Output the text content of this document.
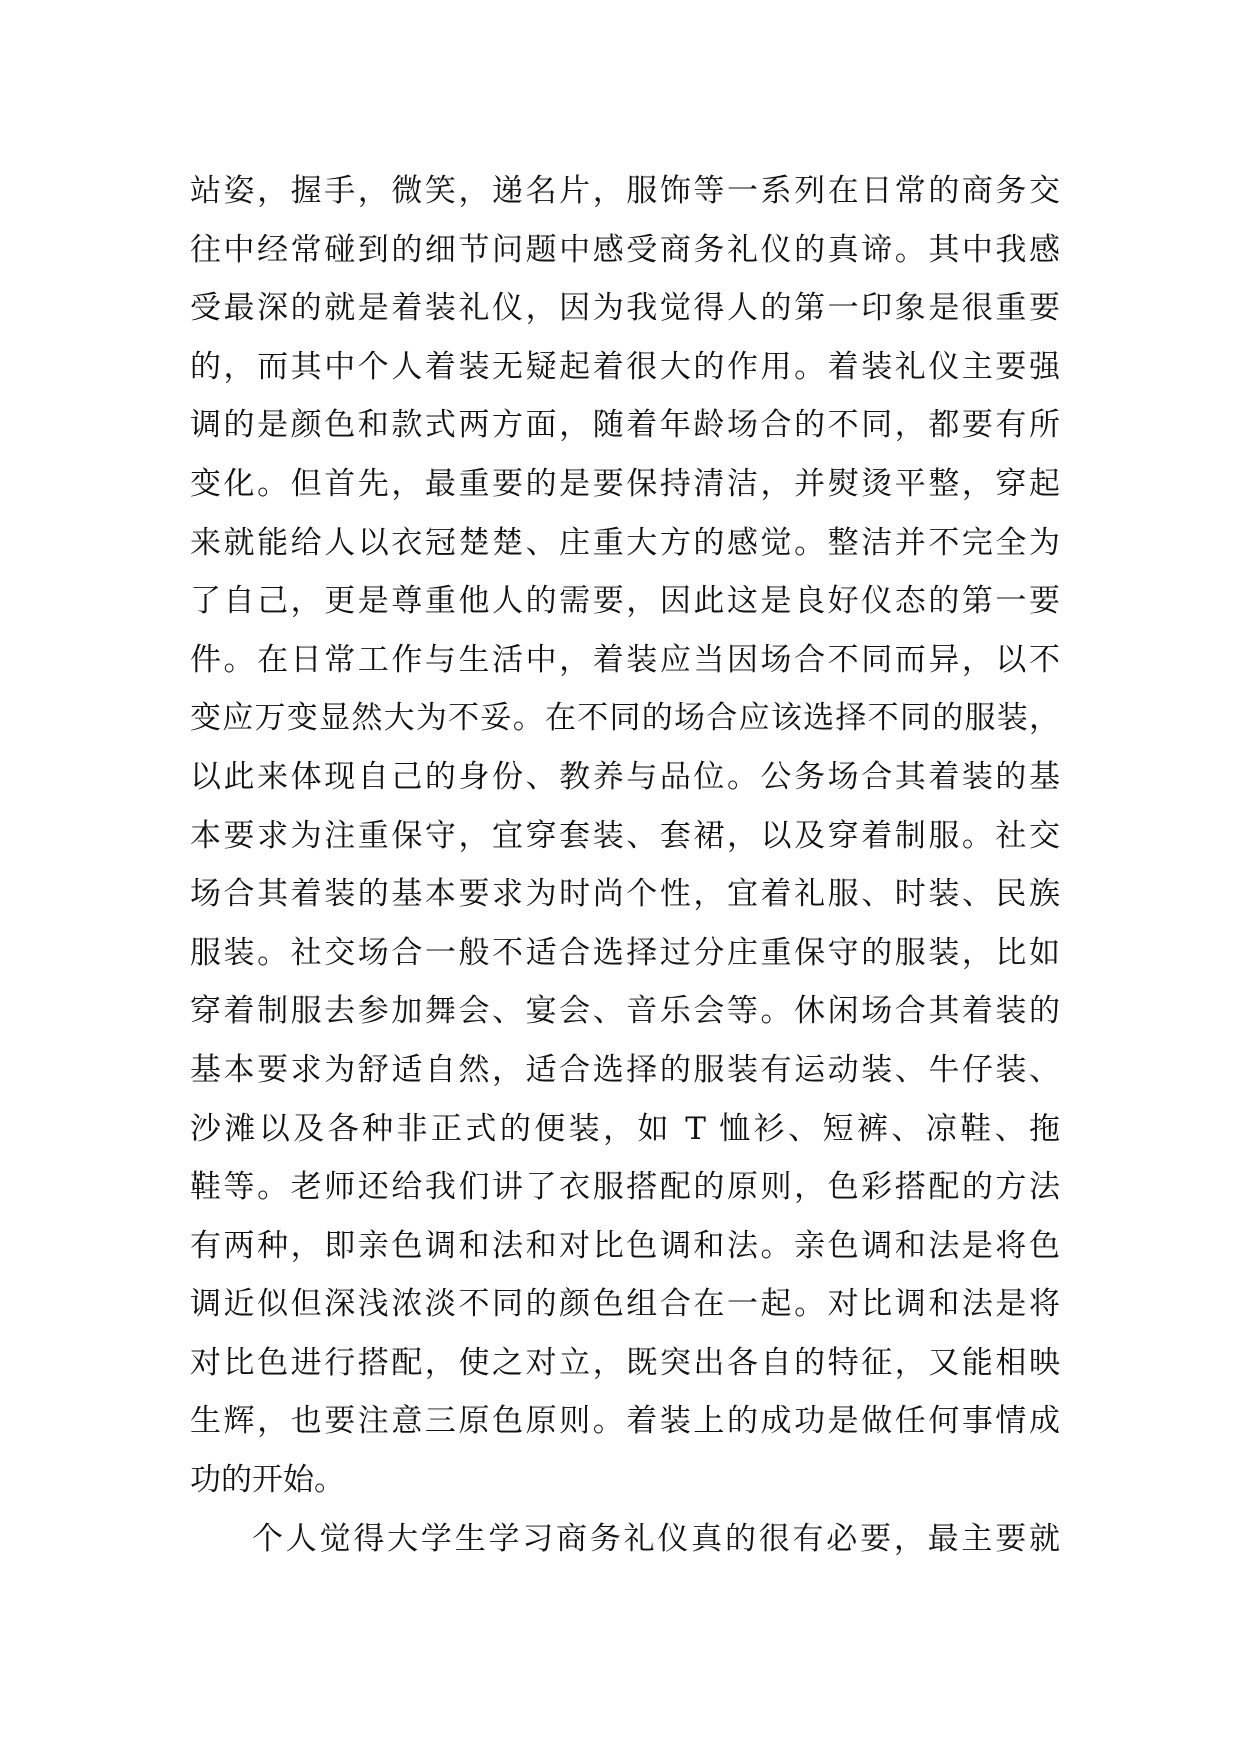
站姿，握手，微笑，递名片，服饰等一系列在日常的商务交
往中经常碰到的细节问题中感受商务礼仪的真谛。其中我感
受最深的就是着装礼仪，因为我觉得人的第一印象是很重要
的，而其中个人着装无疑起着很大的作用。着装礼仪主要强
调的是颜色和款式两方面，随着年龄场合的不同，都要有所
变化。但首先，最重要的是要保持清洁，并熨烫平整，穿起
来就能给人以衣冠楚楚、庄重大方的感觉。整洁并不完全为
了自己，更是尊重他人的需要，因此这是良好仪态的第一要
件。在日常工作与生活中，着装应当因场合不同而异，以不
变应万变显然大为不妥。在不同的场合应该选择不同的服装，
以此来体现自己的身份、教养与品位。公务场合其着装的基
本要求为注重保守，宜穿套装、套裙，以及穿着制服。社交
场合其着装的基本要求为时尚个性，宜着礼服、时装、民族
服装。社交场合一般不适合选择过分庄重保守的服装，比如
穿着制服去参加舞会、宴会、音乐会等。休闲场合其着装的
基本要求为舒适自然，适合选择的服装有运动装、牛仔装、
沙滩以及各种非正式的便装，如 T 恤衫、短裤、凉鞋、拖
鞋等。老师还给我们讲了衣服搭配的原则，色彩搭配的方法
有两种，即亲色调和法和对比色调和法。亲色调和法是将色
调近似但深浅浓淡不同的颜色组合在一起。对比调和法是将
对比色进行搭配，使之对立，既突出各自的特征，又能相映
生辉，也要注意三原色原则。着装上的成功是做任何事情成
功的开始。
个人觉得大学生学习商务礼仪真的很有必要，最主要就
